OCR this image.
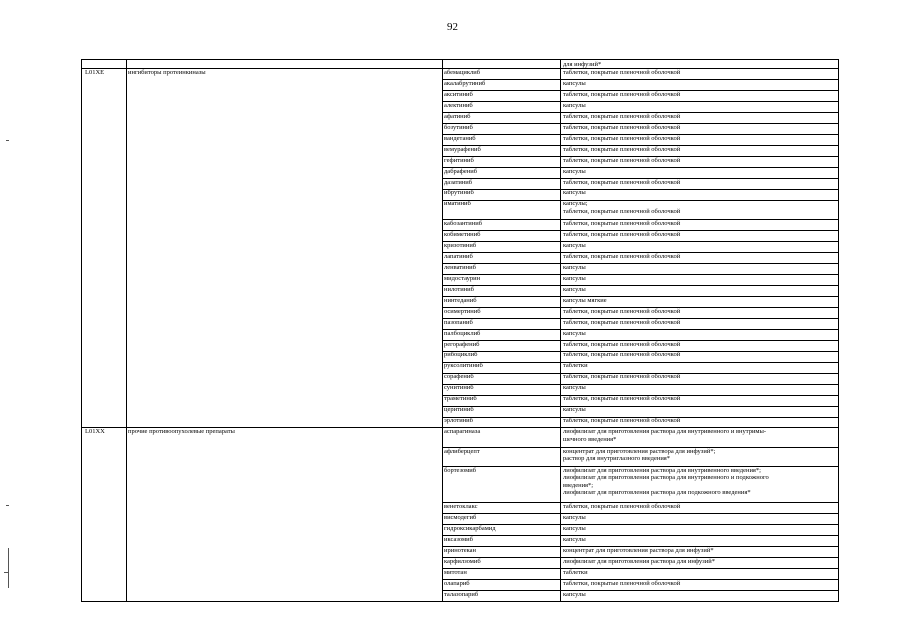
92
для инфузий*
L01XE	ингибиторы протеинкиназы	абемациклиб	таблетки, покрытые пленочной оболочкой
акалабрутиниб	капсулы
акситиниб	таблетки, покрытые пленочной оболочкой
алектиниб	капсулы
афатиниб	таблетки, покрытые пленочной оболочкой
бозутиниб	таблетки, покрытые пленочной оболочкой
вандетаниб	таблетки, покрытые пленочной оболочкой
вемурафениб	таблетки, покрытые пленочной оболочкой
гефитиниб	таблетки, покрытые пленочной оболочкой
дабрафениб	капсулы
дазатиниб	таблетки, покрытые пленочной оболочкой
ибрутиниб	капсулы
иматиниб	капсулы;
таблетки, покрытые пленочной оболочкой
кабозантиниб	таблетки, покрытые пленочной оболочкой
кобиметиниб	таблетки, покрытые пленочной оболочкой
кризотиниб	капсулы
лапатиниб	таблетки, покрытые пленочной оболочкой
ленватиниб	капсулы
мидостаурин	капсулы
нилотиниб	капсулы
нинтеданиб	капсулы мягкие
осимертиниб	таблетки, покрытые пленочной оболочкой
пазопаниб	таблетки, покрытые пленочной оболочкой
палбоциклиб	капсулы
регорафениб	таблетки, покрытые пленочной оболочкой
рибоциклиб	таблетки, покрытые пленочной оболочкой
руксолитиниб	таблетки
сорафениб	таблетки, покрытые пленочной оболочкой
сунитиниб	капсулы
траметиниб	таблетки, покрытые пленочной оболочкой
церитиниб	капсулы
эрлотиниб	таблетки, покрытые пленочной оболочкой
L01XX	прочие противоопухолевые препараты	аспарагиназа	лиофилизат для приготовления раствора для внутривенного и внутримы-
шечного введения*
афлиберцепт	концентрат для приготовления раствора для инфузий*;
раствор для внутриглазного введения*
бортезомиб	лиофилизат для приготовления раствора для внутривенного введения*;
лиофилизат для приготовления раствора для внутривенного и подкожного
введения*;
лиофилизат для приготовления раствора для подкожного введения*
венетоклакс	таблетки, покрытые пленочной оболочкой
висмодегиб	капсулы
гидроксикарбамид	капсулы
иксазомиб	капсулы
иринотекан	концентрат для приготовления раствора для инфузий*
карфилзомиб	лиофилизат для приготовления раствора для инфузий*
митотан	таблетки
олапариб	таблетки, покрытые пленочной оболочкой
талазопариб	капсулы
